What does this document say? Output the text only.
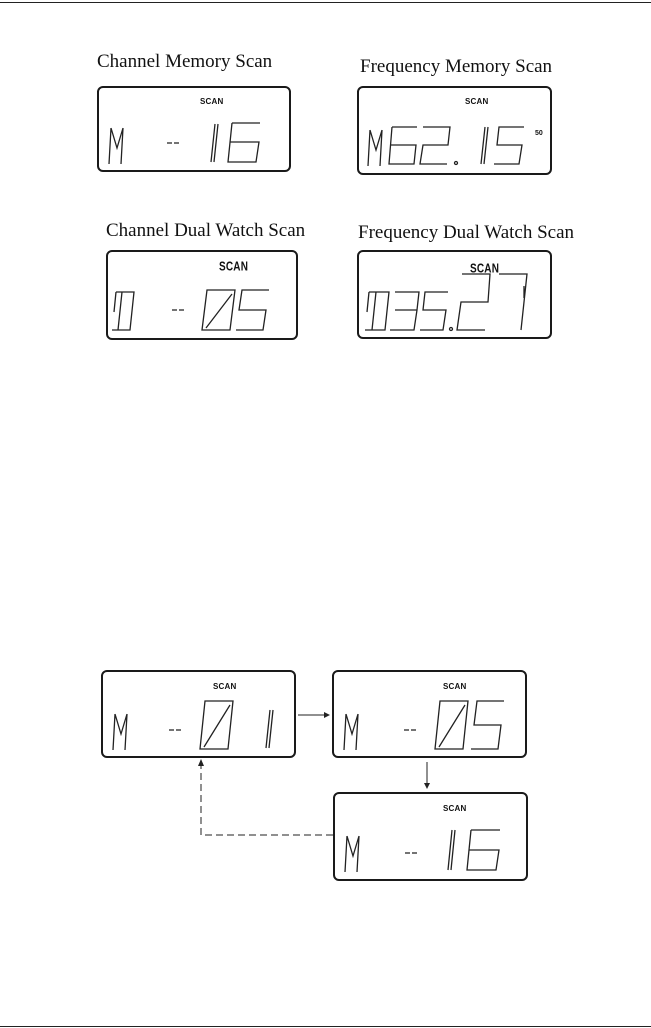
Channel Memory Scan
SCAN
Frequency Memory Scan
SCAN
50
Channel Dual Watch Scan
SCAN
Frequency Dual Watch Scan
SCAN
SCAN	SCAN
SCAN
